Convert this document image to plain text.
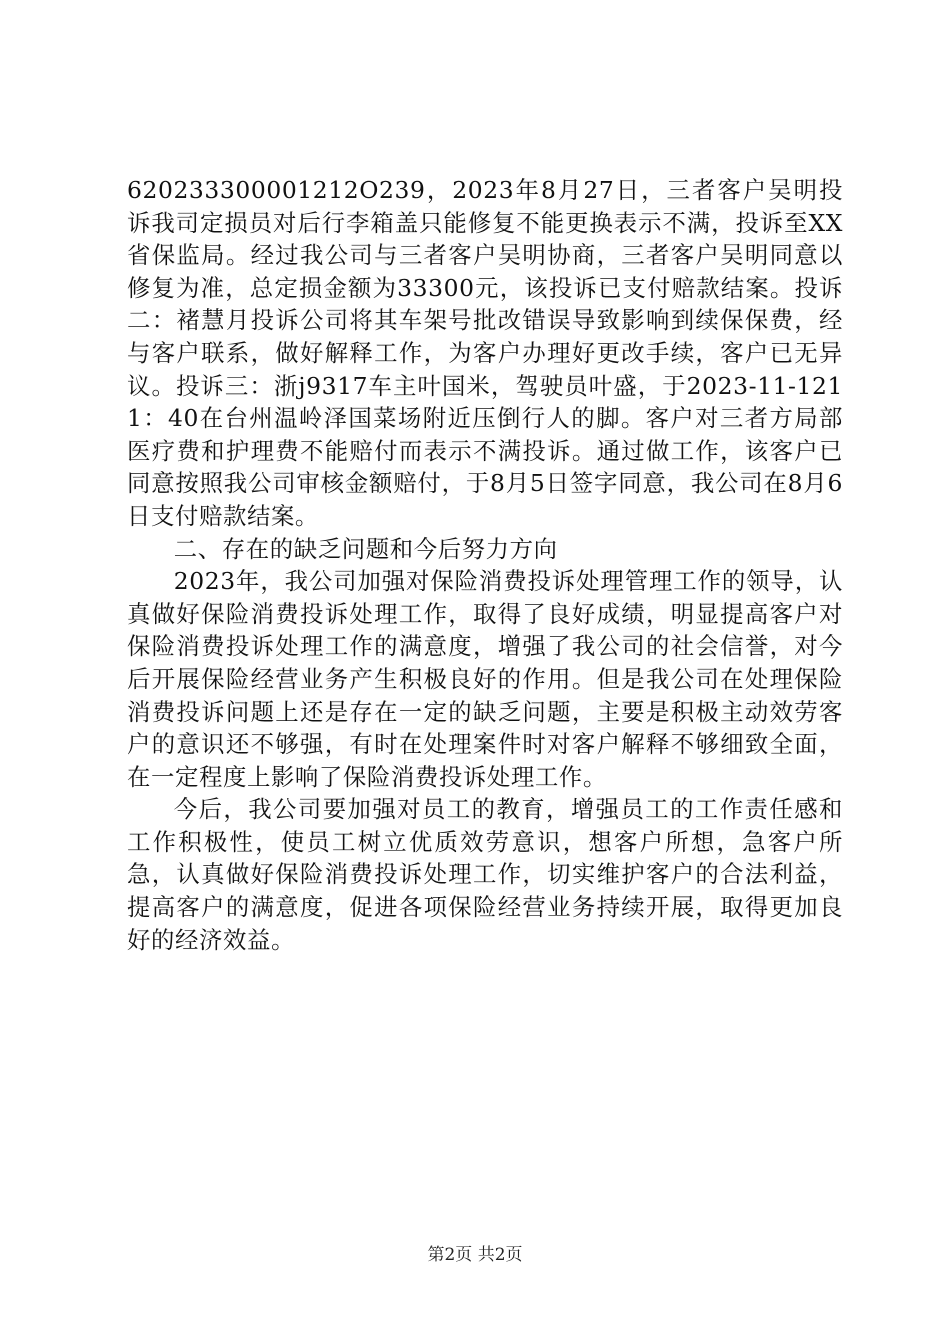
620233300001212O239，2023年8月27日，三者客户吴明投诉我司定损员对后行李箱盖只能修复不能更换表示不满，投诉至XX省保监局。经过我公司与三者客户吴明协商，三者客户吴明同意以修复为准，总定损金额为33300元，该投诉已支付赔款结案。投诉二：褚慧月投诉公司将其车架号批改错误导致影响到续保保费，经与客户联系，做好解释工作，为客户办理好更改手续，客户已无异议。投诉三：浙j9317车主叶国米，驾驶员叶盛，于2023-11-1211：40在台州温岭泽国菜场附近压倒行人的脚。客户对三者方局部医疗费和护理费不能赔付而表示不满投诉。通过做工作，该客户已同意按照我公司审核金额赔付，于8月5日签字同意，我公司在8月6日支付赔款结案。

二、存在的缺乏问题和今后努力方向

2023年，我公司加强对保险消费投诉处理管理工作的领导，认真做好保险消费投诉处理工作，取得了良好成绩，明显提高客户对保险消费投诉处理工作的满意度，增强了我公司的社会信誉，对今后开展保险经营业务产生积极良好的作用。但是我公司在处理保险消费投诉问题上还是存在一定的缺乏问题，主要是积极主动效劳客户的意识还不够强，有时在处理案件时对客户解释不够细致全面，在一定程度上影响了保险消费投诉处理工作。

今后，我公司要加强对员工的教育，增强员工的工作责任感和工作积极性，使员工树立优质效劳意识，想客户所想，急客户所急，认真做好保险消费投诉处理工作，切实维护客户的合法利益，提高客户的满意度，促进各项保险经营业务持续开展，取得更加良好的经济效益。

第2页 共2页
